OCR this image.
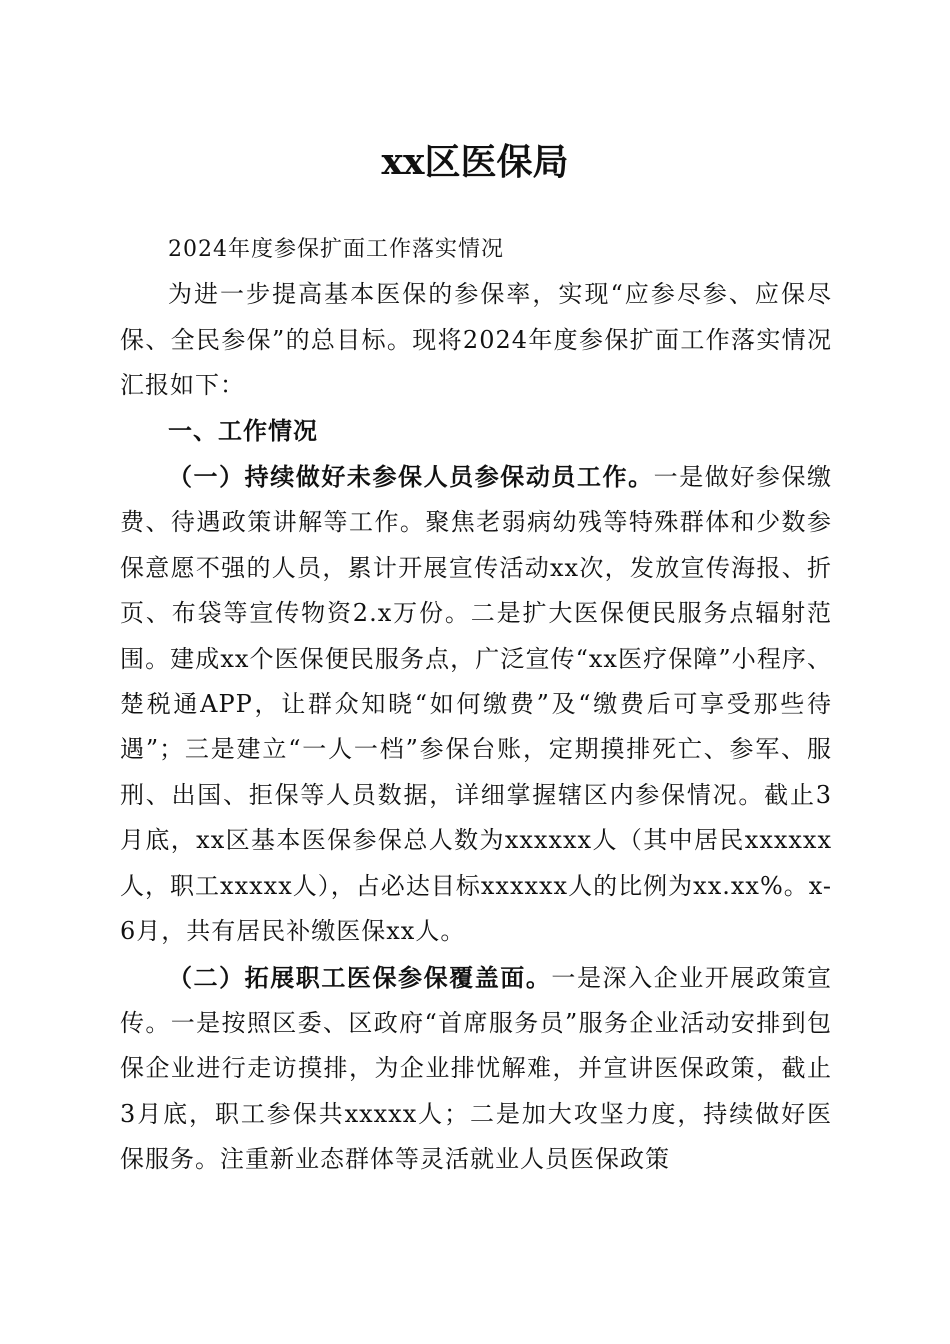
xx区医保局

2024年度参保扩面工作落实情况

为进一步提高基本医保的参保率，实现“应参尽参、应保尽保、全民参保”的总目标。现将2024年度参保扩面工作落实情况汇报如下：

一、工作情况

（一）持续做好未参保人员参保动员工作。一是做好参保缴费、待遇政策讲解等工作。聚焦老弱病幼残等特殊群体和少数参保意愿不强的人员，累计开展宣传活动xx次，发放宣传海报、折页、布袋等宣传物资2.x万份。二是扩大医保便民服务点辐射范围。建成xx个医保便民服务点，广泛宣传“xx医疗保障”小程序、楚税通APP，让群众知晓“如何缴费”及“缴费后可享受那些待遇”；三是建立“一人一档”参保台账，定期摸排死亡、参军、服刑、出国、拒保等人员数据，详细掌握辖区内参保情况。截止3月底，xx区基本医保参保总人数为xxxxxx人（其中居民xxxxxx人，职工xxxxx人），占必达目标xxxxxx人的比例为xx.xx%。x-6月，共有居民补缴医保xx人。

（二）拓展职工医保参保覆盖面。一是深入企业开展政策宣传。一是按照区委、区政府“首席服务员”服务企业活动安排到包保企业进行走访摸排，为企业排忧解难，并宣讲医保政策，截止3月底，职工参保共xxxxx人；二是加大攻坚力度，持续做好医保服务。注重新业态群体等灵活就业人员医保政策
